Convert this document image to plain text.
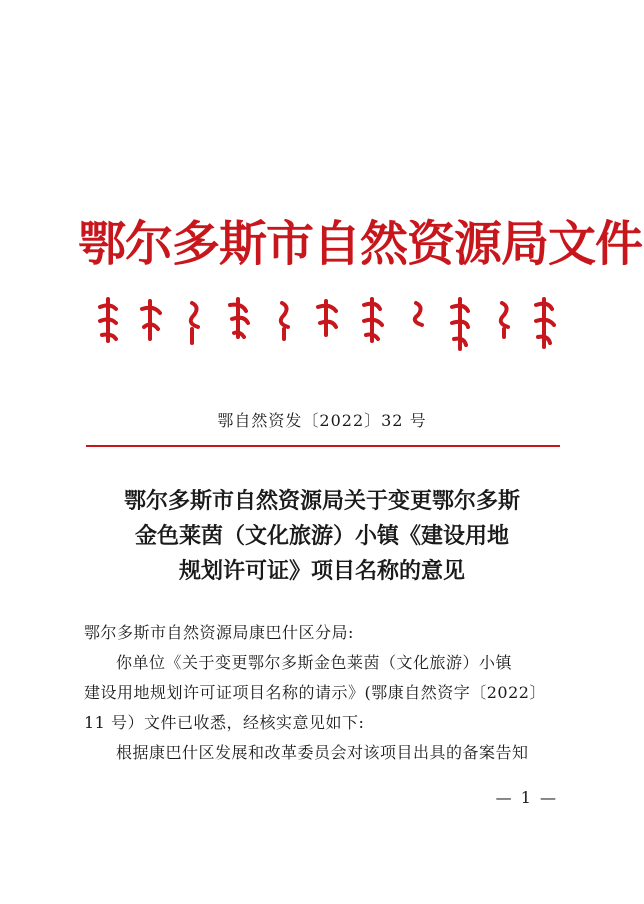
鄂尔多斯市自然资源局文件
鄂自然资发〔2022〕32 号
鄂尔多斯市自然资源局关于变更鄂尔多斯
金色莱茵（文化旅游）小镇《建设用地
规划许可证》项目名称的意见
鄂尔多斯市自然资源局康巴什区分局:
你单位《关于变更鄂尔多斯金色莱茵（文化旅游）小镇
建设用地规划许可证项目名称的请示》(鄂康自然资字〔2022〕
11 号）文件已收悉，经核实意见如下:
根据康巴什区发展和改革委员会对该项目出具的备案告知
— 1 —
